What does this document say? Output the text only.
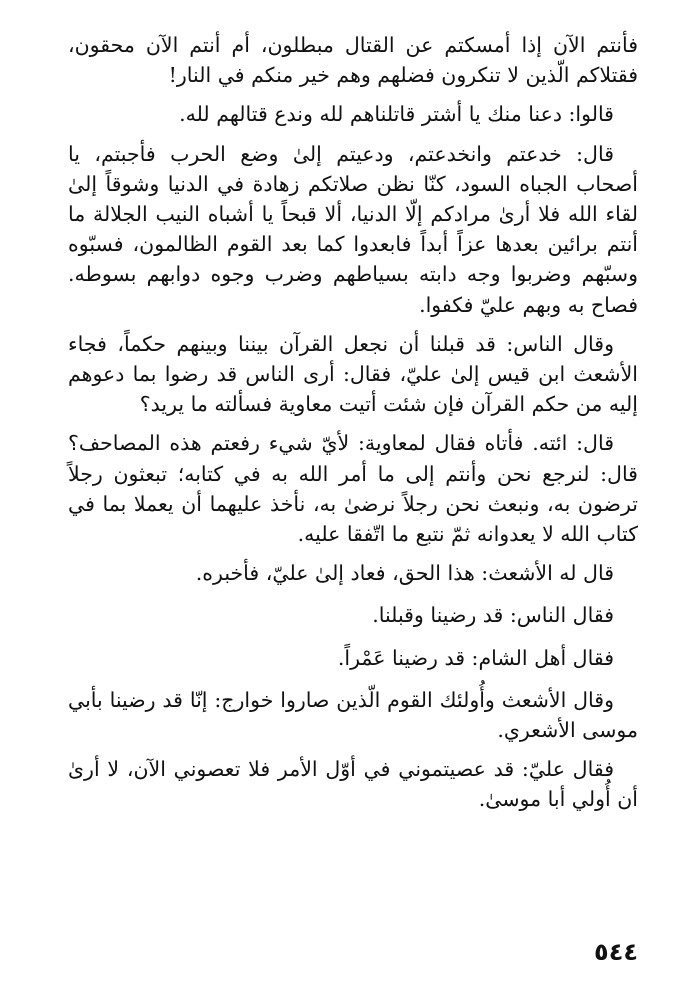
فأنتم الآن إذا أمسكتم عن القتال مبطلون، أم أنتم الآن محقون، فقتلاكم الّذين لا تنكرون فضلهم وهم خير منكم في النار!

قالوا: دعنا منك يا أشتر قاتلناهم لله وندع قتالهم لله.

قال: خدعتم وانخدعتم، ودعيتم إلىٰ وضع الحرب فأجبتم، يا أصحاب الجباه السود، كنّا نظن صلاتكم زهادة في الدنيا وشوقاً إلىٰ لقاء الله فلا أرىٰ مرادكم إلّا الدنيا، ألا قبحاً يا أشباه النيب الجلالة ما أنتم برائين بعدها عزاً أبداً فابعدوا كما بعد القوم الظالمون، فسبّوه وسبّهم وضربوا وجه دابته بسياطهم وضرب وجوه دوابهم بسوطه. فصاح به وبهم عليّ فكفوا.

وقال الناس: قد قبلنا أن نجعل القرآن بيننا وبينهم حكماً، فجاء الأشعث ابن قيس إلىٰ عليّ، فقال: أرى الناس قد رضوا بما دعوهم إليه من حكم القرآن فإن شئت أتيت معاوية فسألته ما يريد؟

قال: ائته. فأتاه فقال لمعاوية: لأيّ شيء رفعتم هذه المصاحف؟ قال: لنرجع نحن وأنتم إلى ما أمر الله به في كتابه؛ تبعثون رجلاً ترضون به، ونبعث نحن رجلاً نرضىٰ به، نأخذ عليهما أن يعملا بما في كتاب الله لا يعدوانه ثمّ نتبع ما اتّفقا عليه.

قال له الأشعث: هذا الحق، فعاد إلىٰ عليّ، فأخبره.

فقال الناس: قد رضينا وقبلنا.

فقال أهل الشام: قد رضينا عَمْراً.

وقال الأشعث وأُولئك القوم الّذين صاروا خوارج: إنّا قد رضينا بأبي موسى الأشعري.

فقال عليّ: قد عصيتموني في أوّل الأمر فلا تعصوني الآن، لا أرىٰ أن أُولي أبا موسىٰ.

٥٤٤
